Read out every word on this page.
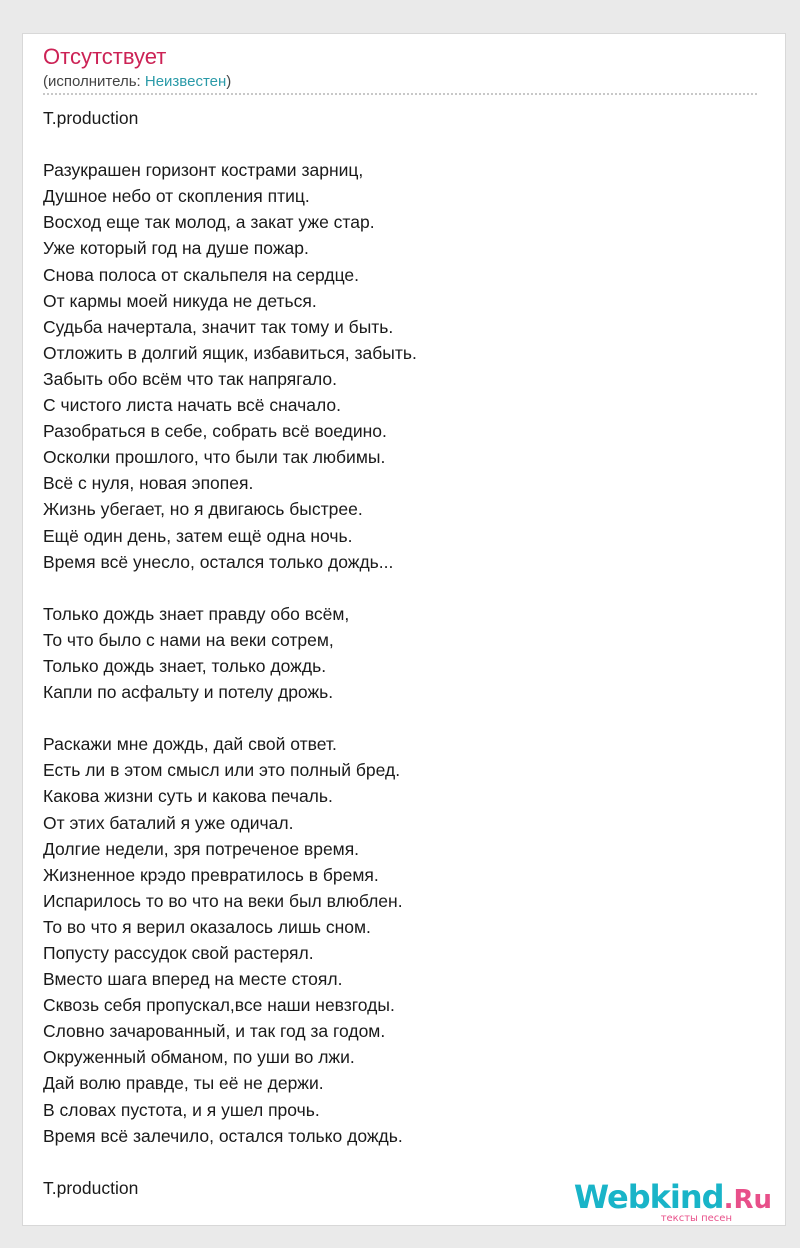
Отсутствует
(исполнитель: Неизвестен)
T.production
Разукрашен горизонт кострами зарниц,
Душное небо от скопления птиц.
Восход еще так молод, а закат уже стар.
Уже который год на душе пожар.
Снова полоса от скальпеля на сердце.
От кармы моей никуда не деться.
Судьба начертала, значит так тому и быть.
Отложить в долгий ящик, избавиться, забыть.
Забыть обо всём что так напрягало.
С чистого листа начать всё сначало.
Разобраться в себе, собрать всё воедино.
Осколки прошлого, что были так любимы.
Всё с нуля, новая эпопея.
Жизнь убегает, но я двигаюсь быстрее.
Ещё один день, затем ещё одна ночь.
Время всё унесло, остался только дождь...
Только дождь знает правду обо всём,
То что было с нами на веки сотрем,
Только дождь знает, только дождь.
Капли по асфальту и потелу дрожь.
Раскажи мне дождь, дай свой ответ.
Есть ли в этом смысл или это полный бред.
Какова жизни суть и какова печаль.
От этих баталий я уже одичал.
Долгие недели, зря потреченое время.
Жизненное крэдо превратилось в бремя.
Испарилось то во что на веки был влюблен.
То во что я верил оказалось лишь сном.
Попусту рассудок свой растерял.
Вместо шага вперед на месте стоял.
Сквозь себя пропускал,все наши невзгоды.
Словно зачарованный, и так год за годом.
Окруженный обманом, по уши во лжи.
Дай волю правде, ты её не держи.
В словах пустота, и я ушел прочь.
Время всё залечило, остался только дождь.
T.production	Webkind.Ru
тексты песен
